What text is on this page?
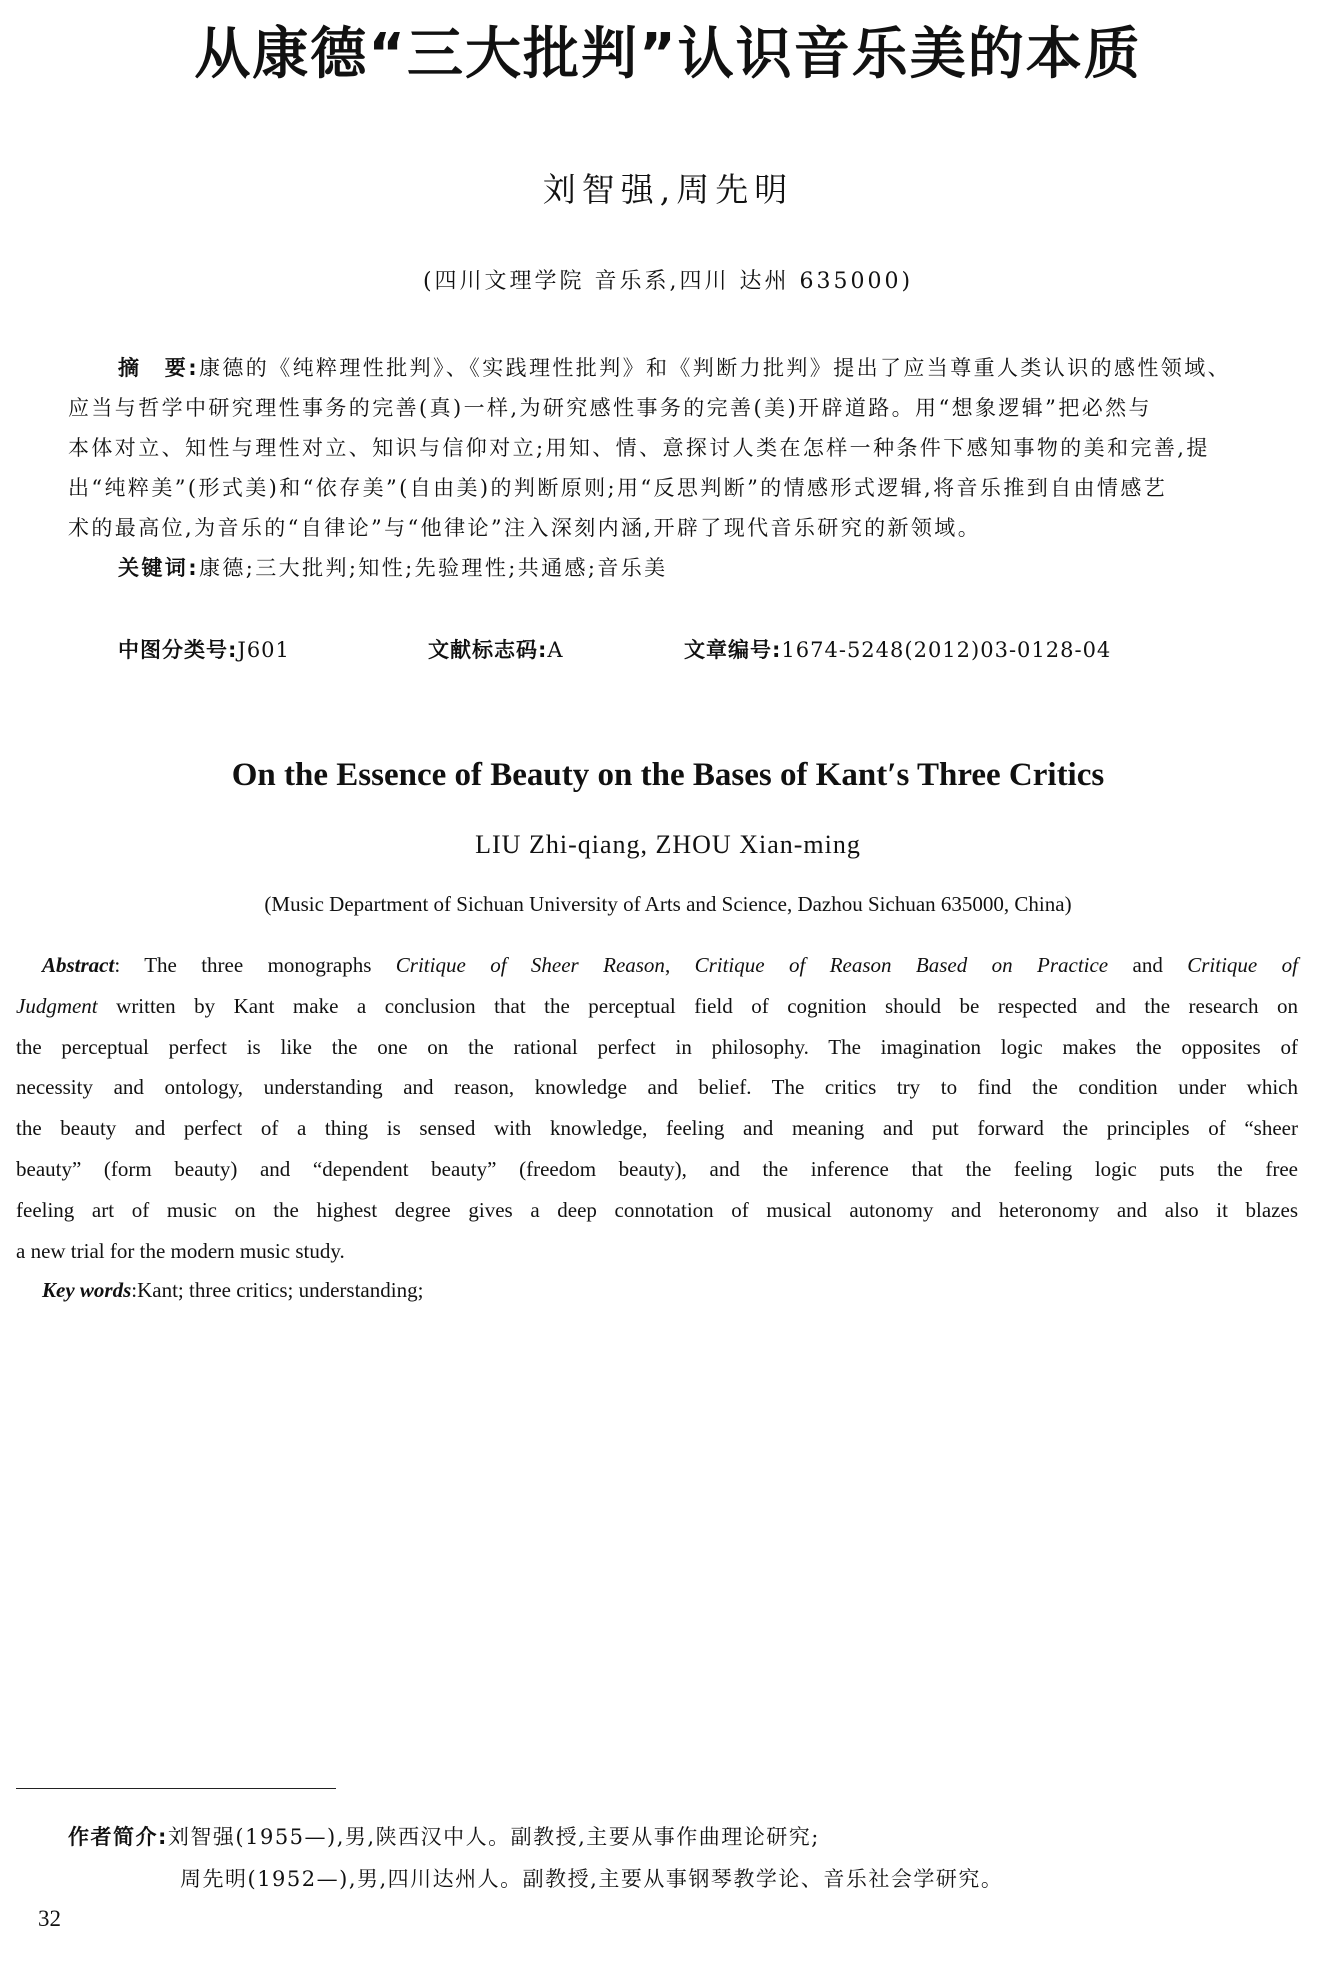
从康德“三大批判”认识音乐美的本质
刘智强,周先明
(四川文理学院 音乐系,四川 达州 635000)
摘　要:康德的《纯粹理性批判》、《实践理性批判》和《判断力批判》提出了应当尊重人类认识的感性领域、
应当与哲学中研究理性事务的完善(真)一样,为研究感性事务的完善(美)开辟道路。用“想象逻辑”把必然与
本体对立、知性与理性对立、知识与信仰对立;用知、情、意探讨人类在怎样一种条件下感知事物的美和完善,提
出“纯粹美”(形式美)和“依存美”(自由美)的判断原则;用“反思判断”的情感形式逻辑,将音乐推到自由情感艺
术的最高位,为音乐的“自律论”与“他律论”注入深刻内涵,开辟了现代音乐研究的新领域。
关键词:康德;三大批判;知性;先验理性;共通感;音乐美
中图分类号:J601	文献标志码:A	文章编号:1674-5248(2012)03-0128-04
On the Essence of Beauty on the Bases of Kant′s Three Critics
LIU Zhi-qiang, ZHOU Xian-ming
(Music Department of Sichuan University of Arts and Science, Dazhou Sichuan 635000, China)
Abstract: The three monographs Critique of Sheer Reason, Critique of Reason Based on Practice and Critique of
Judgment written by Kant make a conclusion that the perceptual field of cognition should be respected and the research on
the perceptual perfect is like the one on the rational perfect in philosophy. The imagination logic makes the opposites of
necessity and ontology, understanding and reason, knowledge and belief. The critics try to find the condition under which
the beauty and perfect of a thing is sensed with knowledge, feeling and meaning and put forward the principles of “sheer
beauty” (form beauty) and “dependent beauty” (freedom beauty), and the inference that the feeling logic puts the free
feeling art of music on the highest degree gives a deep connotation of musical autonomy and heteronomy and also it blazes
a new trial for the modern music study.
Key words:Kant; three critics; understanding;
作者简介:刘智强(1955—),男,陕西汉中人。副教授,主要从事作曲理论研究;
周先明(1952—),男,四川达州人。副教授,主要从事钢琴教学论、音乐社会学研究。
32
